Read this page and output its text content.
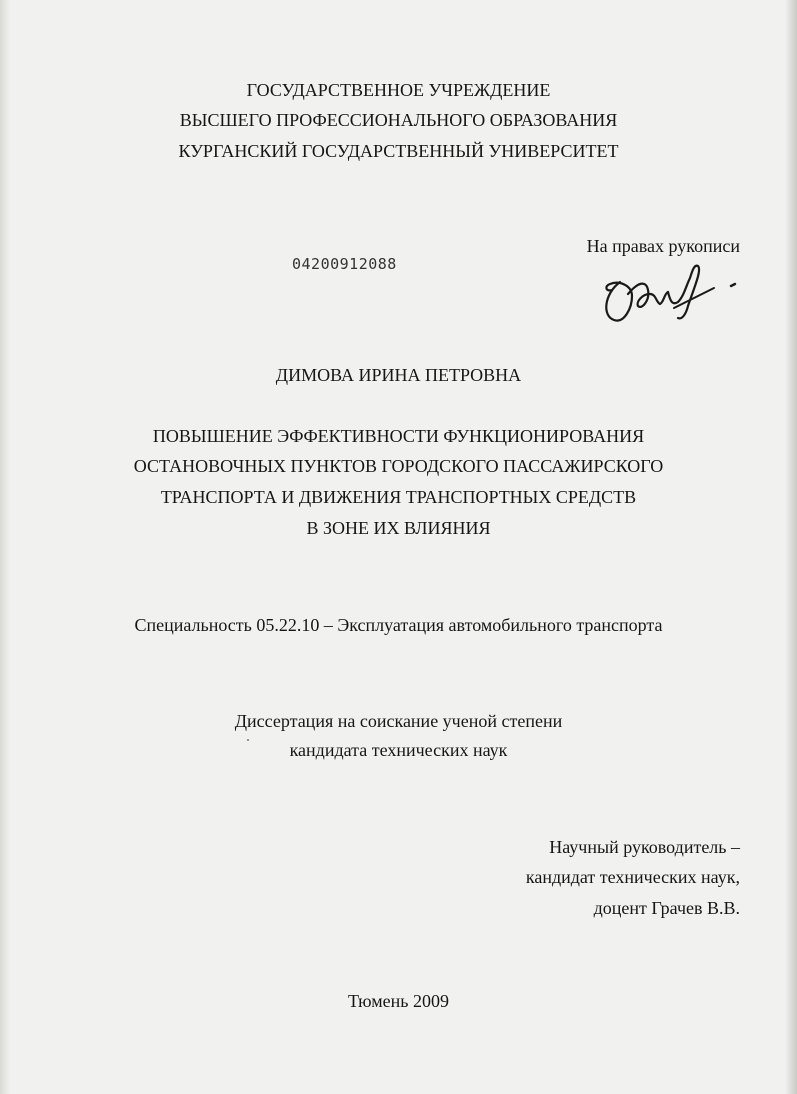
ГОСУДАРСТВЕННОЕ УЧРЕЖДЕНИЕ
ВЫСШЕГО ПРОФЕССИОНАЛЬНОГО ОБРАЗОВАНИЯ
КУРГАНСКИЙ ГОСУДАРСТВЕННЫЙ УНИВЕРСИТЕТ
На правах рукописи
04200912088
ДИМОВА ИРИНА ПЕТРОВНА
ПОВЫШЕНИЕ ЭФФЕКТИВНОСТИ ФУНКЦИОНИРОВАНИЯ
ОСТАНОВОЧНЫХ ПУНКТОВ ГОРОДСКОГО ПАССАЖИРСКОГО
ТРАНСПОРТА И ДВИЖЕНИЯ ТРАНСПОРТНЫХ СРЕДСТВ
В ЗОНЕ ИХ ВЛИЯНИЯ
Специальность 05.22.10 – Эксплуатация автомобильного транспорта
Диссертация на соискание ученой степени
кандидата технических наук
Научный руководитель –
кандидат технических наук,
доцент Грачев В.В.
Тюмень 2009
